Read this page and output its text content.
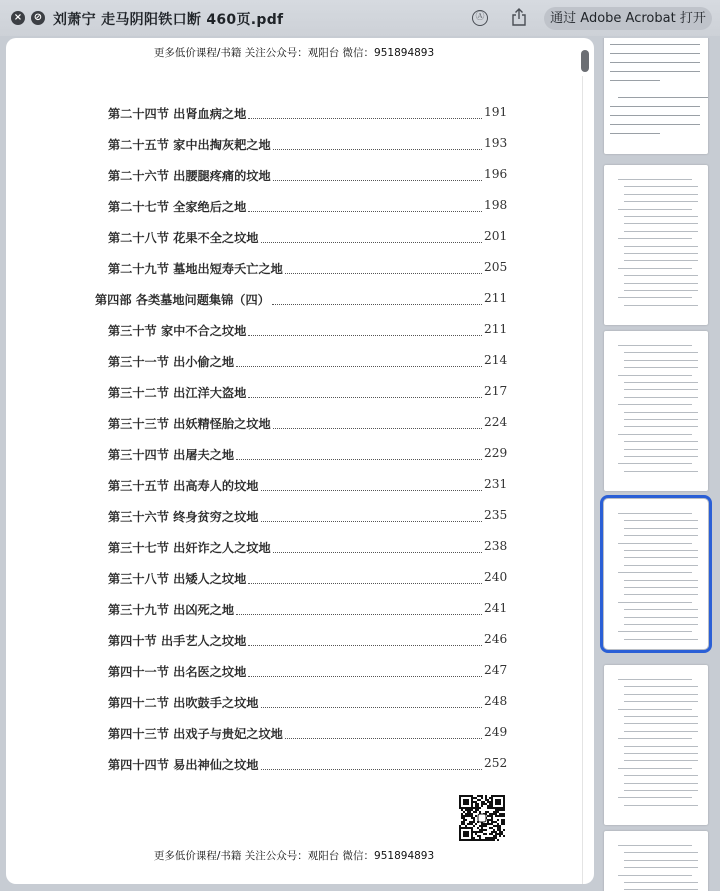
× ⊘ 刘萧宁 走马阴阳铁口断 460页.pdf	Ⓐ	通过 Adobe Acrobat 打开
更多低价课程/书籍 关注公众号：观阳台 微信：951894893
第二十四节 出肾血病之地	191
第二十五节 家中出掏灰耙之地	193
第二十六节 出腰腿疼痛的坟地	196
第二十七节 全家绝后之地	198
第二十八节 花果不全之坟地	201
第二十九节 墓地出短寿夭亡之地	205
第四部 各类墓地问题集锦（四）	211
第三十节 家中不合之坟地	211
第三十一节 出小偷之地	214
第三十二节 出江洋大盗地	217
第三十三节 出妖精怪胎之坟地	224
第三十四节 出屠夫之地	229
第三十五节 出高寿人的坟地	231
第三十六节 终身贫穷之坟地	235
第三十七节 出奸诈之人之坟地	238
第三十八节 出矮人之坟地	240
第三十九节 出凶死之地	241
第四十节 出手艺人之坟地	246
第四十一节 出名医之坟地	247
第四十二节 出吹鼓手之坟地	248
第四十三节 出戏子与贵妃之坟地	249
第四十四节 易出神仙之坟地	252
更多低价课程/书籍 关注公众号：观阳台 微信：951894893
